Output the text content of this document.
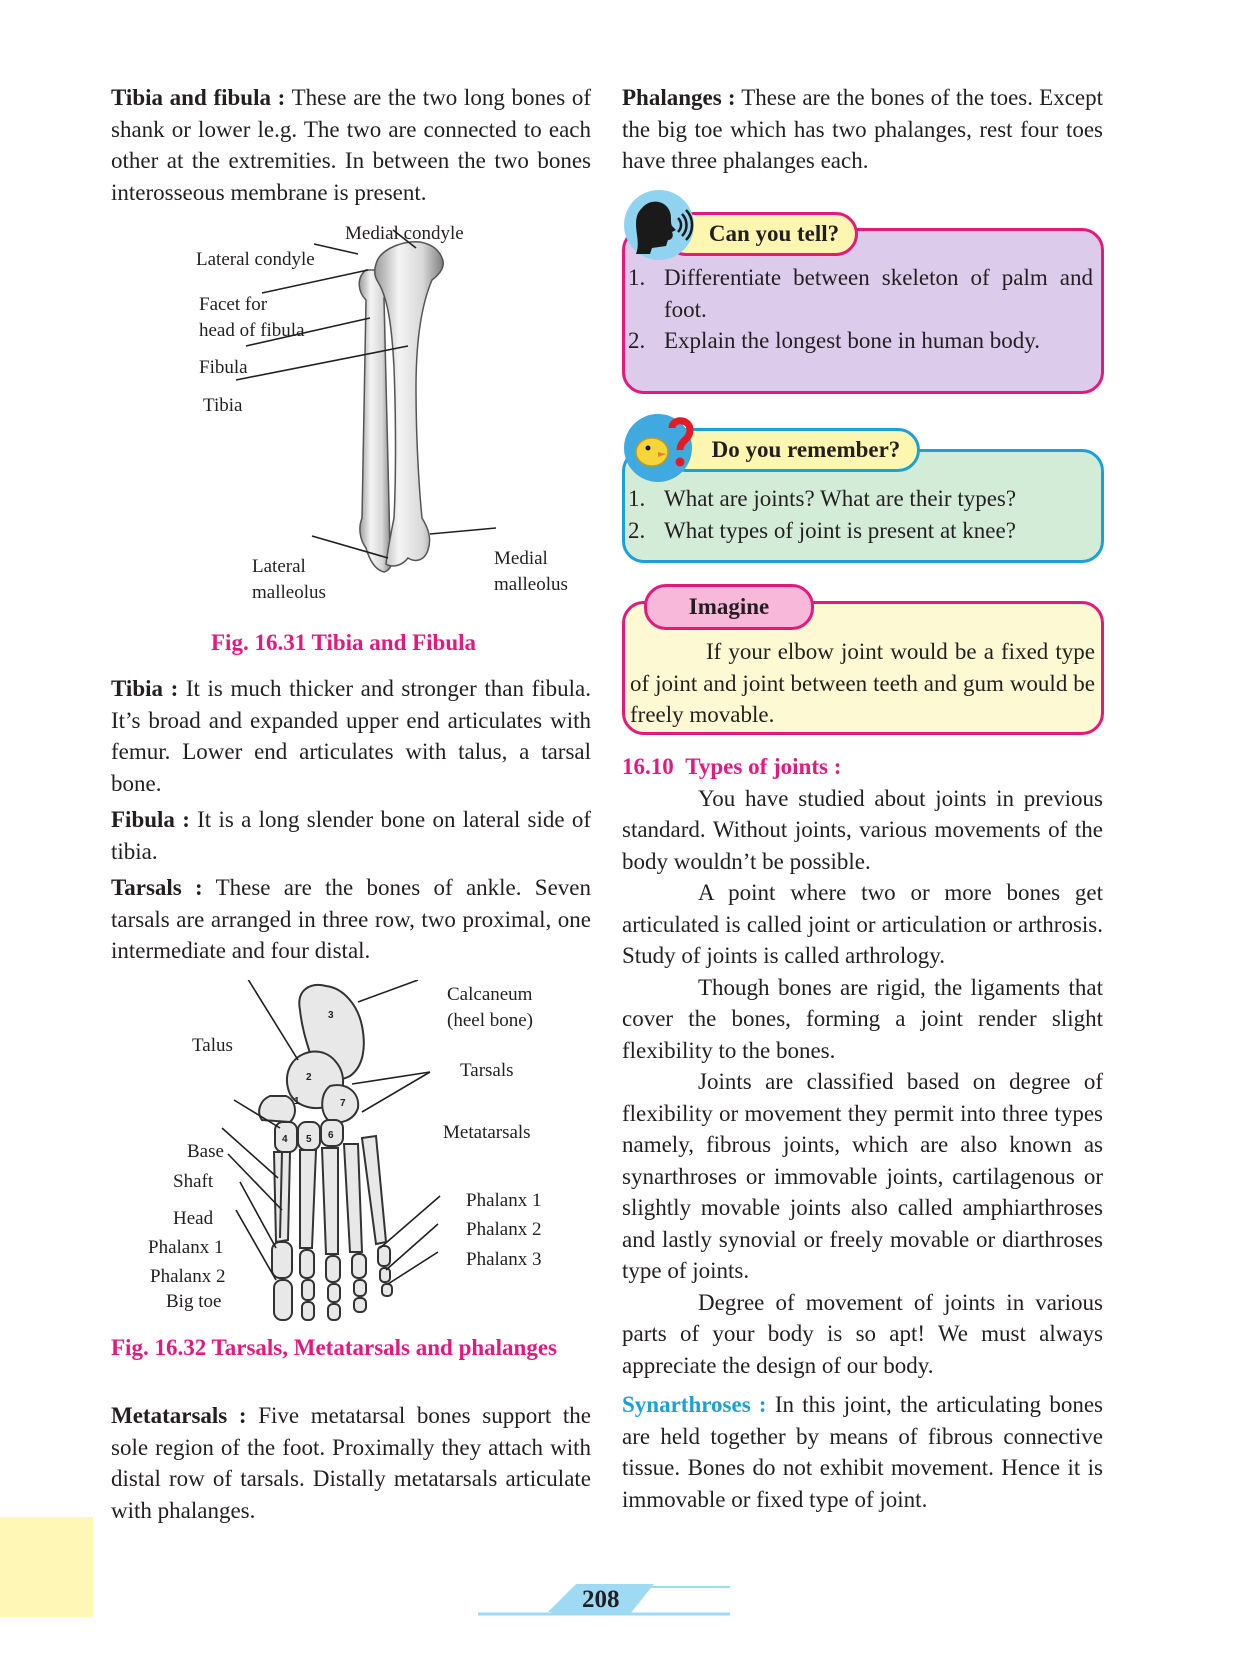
Tibia and fibula : These are the two long bones of shank or lower le.g. The two are connected to each other at the extremities. In between the two bones interosseous membrane is present.

Medial condyle
Lateral condyle
Facet for
head of fibula
Fibula
Tibia
Lateral
malleolus
Medial
malleolus
Fig. 16.31 Tibia and Fibula

Tibia : It is much thicker and stronger than fibula. It’s broad and expanded upper end articulates with femur. Lower end articulates with talus, a tarsal bone.

Fibula : It is a long slender bone on lateral side of tibia.

Tarsals : These are the bones of ankle. Seven tarsals are arranged in three row, two proximal, one intermediate and four distal.

1
2
3
4 5 6
7
Calcaneum
(heel bone)
Talus
Tarsals
Metatarsals
Base
Shaft
Head
Phalanx 1
Phalanx 2
Big toe
Phalanx 1
Phalanx 2
Phalanx 3
Fig. 16.32 Tarsals, Metatarsals and phalanges

Metatarsals : Five metatarsal bones support the sole region of the foot. Proximally they attach with distal row of tarsals. Distally metatarsals articulate with phalanges.

Phalanges : These are the bones of the toes. Except the big toe which has two phalanges, rest four toes have three phalanges each.

Can you tell?
1. Differentiate between skeleton of palm and foot.
2. Explain the longest bone in human body.
Do you remember?
1. What are joints? What are their types?
2. What types of joint is present at knee?
Imagine
If your elbow joint would be a fixed type of joint and joint between teeth and gum would be freely movable.

16.10 Types of joints :

You have studied about joints in previous standard. Without joints, various movements of the body wouldn’t be possible.

A point where two or more bones get articulated is called joint or articulation or arthrosis. Study of joints is called arthrology.

Though bones are rigid, the ligaments that cover the bones, forming a joint render slight flexibility to the bones.

Joints are classified based on degree of flexibility or movement they permit into three types namely, fibrous joints, which are also known as synarthroses or immovable joints, cartilagenous or slightly movable joints also called amphiarthroses and lastly synovial or freely movable or diarthroses type of joints.

Degree of movement of joints in various parts of your body is so apt! We must always appreciate the design of our body.

Synarthroses : In this joint, the articulating bones are held together by means of fibrous connective tissue. Bones do not exhibit movement. Hence it is immovable or fixed type of joint.

208
